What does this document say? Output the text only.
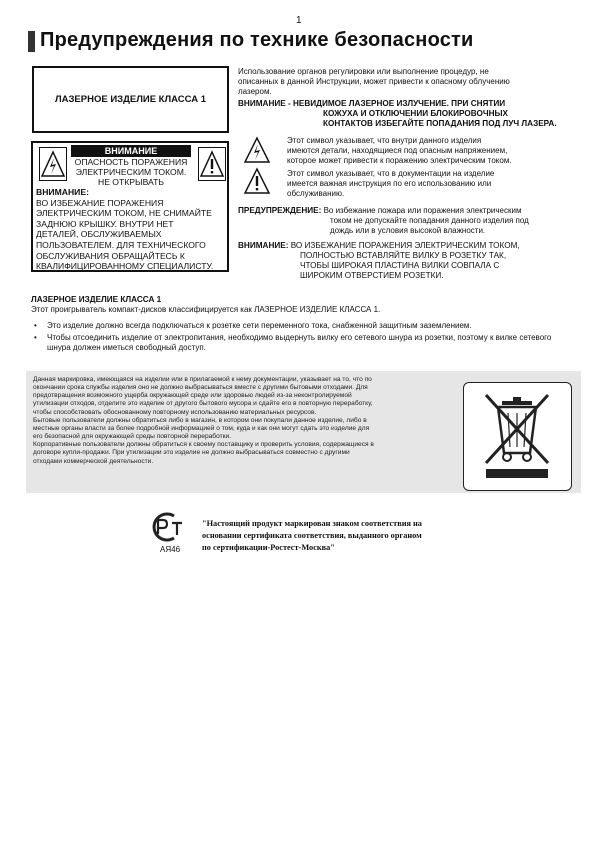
1
Предупреждения по технике безопасности
ЛАЗЕРНОЕ ИЗДЕЛИЕ КЛАССА 1
ВНИМАНИЕ
ОПАСНОСТЬ ПОРАЖЕНИЯ
ЭЛЕКТРИЧЕСКИМ ТОКОМ.
НЕ ОТКРЫВАТЬ
ВНИМАНИЕ:
ВО ИЗБЕЖАНИЕ ПОРАЖЕНИЯ
ЭЛЕКТРИЧЕСКИМ ТОКОМ, НЕ СНИМАЙТЕ
ЗАДНЮЮ КРЫШКУ. ВНУТРИ НЕТ
ДЕТАЛЕЙ, ОБСЛУЖИВАЕМЫХ
ПОЛЬЗОВАТЕЛЕМ. ДЛЯ ТЕХНИЧЕСКОГО
ОБСЛУЖИВАНИЯ ОБРАЩАЙТЕСЬ К
КВАЛИФИЦИРОВАННОМУ СПЕЦИАЛИСТУ.
Использование органов регулировки или выполнение процедур, не
описанных в данной Инструкции, может привести к опасному облучению
лазером.
ВНИМАНИЕ - НЕВИДИМОЕ ЛАЗЕРНОЕ ИЗЛУЧЕНИЕ. ПРИ СНЯТИИ
КОЖУХА И ОТКЛЮЧЕНИИ БЛОКИРОВОЧНЫХ
КОНТАКТОВ ИЗБЕГАЙТЕ ПОПАДАНИЯ ПОД ЛУЧ ЛАЗЕРА.
Этот символ указывает, что внутри данного изделия
имеются детали, находящиеся под опасным напряжением,
которое может привести к поражению электрическим током.
Этот символ указывает, что в документации на изделие
имеется важная инструкция по его использованию или
обслуживанию.
ПРЕДУПРЕЖДЕНИЕ: Во избежание пожара или поражения электрическим
током не допускайте попадания данного изделия под
дождь или в условия высокой влажности.
ВНИМАНИЕ: ВО ИЗБЕЖАНИЕ ПОРАЖЕНИЯ ЭЛЕКТРИЧЕСКИМ ТОКОМ,
ПОЛНОСТЬЮ ВСТАВЛЯЙТЕ ВИЛКУ В РОЗЕТКУ ТАК,
ЧТОБЫ ШИРОКАЯ ПЛАСТИНА ВИЛКИ СОВПАЛА С
ШИРОКИМ ОТВЕРСТИЕМ РОЗЕТКИ.
ЛАЗЕРНОЕ ИЗДЕЛИЕ КЛАССА 1
Этот проигрыватель компакт-дисков классифицируется как ЛАЗЕРНОЕ ИЗДЕЛИЕ КЛАССА 1.
• Это изделие должно всегда подключаться к розетке сети переменного тока, снабженной защитным заземлением.
• Чтобы отсоединить изделие от электропитания, необходимо выдернуть вилку его сетевого шнура из розетки, поэтому к вилке сетевого шнура должен иметься свободный доступ.
Данная маркировка, имеющаяся на изделии или в прилагаемой к нему документации, указывает на то, что по
окончании срока службы изделия оно не должно выбрасываться вместе с другими бытовыми отходами. Для
предотвращения возможного ущерба окружающей среде или здоровью людей из-за неконтролируемой
утилизации отходов, отделите это изделие от другого бытового мусора и сдайте его в повторную переработку,
чтобы способствовать обоснованному повторному использованию материальных ресурсов.
Бытовые пользователи должны обратиться либо в магазин, в котором они покупали данное изделие, либо в
местные органы власти за более подробной информацией о том, куда и как они могут сдать это изделие для
его безопасной для окружающей среды повторной переработки.
Корпоративные пользователи должны обратиться к своему поставщику и проверить условия, содержащиеся в
договоре купли-продажи. При утилизации это изделие не должно выбрасываться совместно с другими
отходами коммерческой деятельности.
АЯ46
"Настоящий продукт маркирован знаком соответствия на
основании сертификата соответствия, выданного органом
по сертификации-Ростест-Москва"
